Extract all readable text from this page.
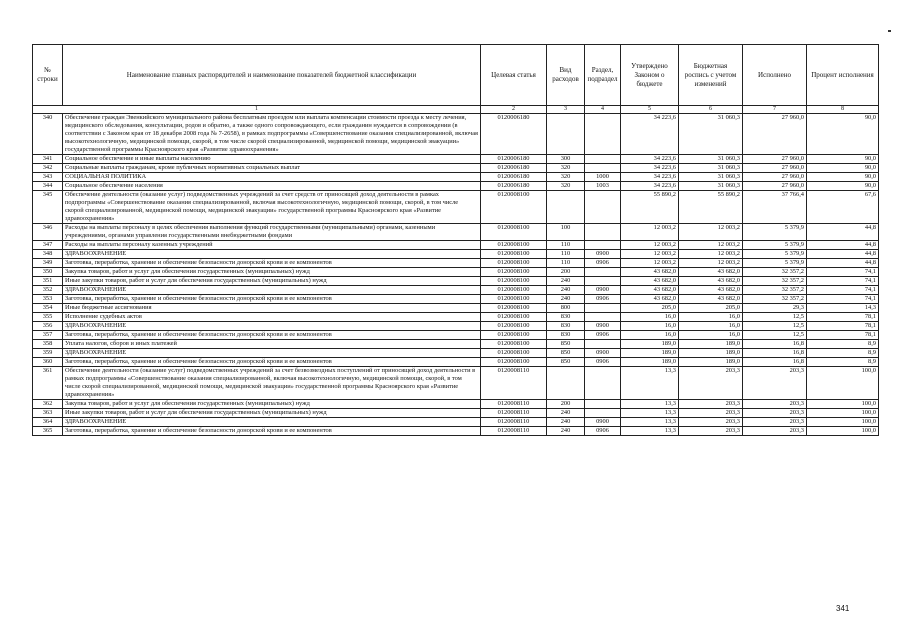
№ строки	Наименование главных распорядителей и наименование показателей бюджетной классификации	Целевая статья	Вид расходов	Раздел, подраздел	Утверждено Законом о бюджете	Бюджетная роспись с учетом изменений	Исполнено	Процент исполнения
1		2	3	4	5	6	7	8
340	Обеспечение граждан Эвенкийского муниципального района бесплатным проездом или выплата компенсации стоимости проезда к месту лечения, медицинского обследования, консультации, родов и обратно, а также одного сопровождающего, если гражданин нуждается в сопровождении (в соответствии с Законом края от 18 декабря 2008 года № 7-2658), в рамках подпрограммы «Совершенствование оказания специализированной, включая высокотехнологичную, медицинской помощи, скорой, в том числе скорой специализированной, медицинской помощи, медицинской эвакуации» государственной программы Красноярского края «Развитие здравоохранения»	0120006180			34 223,6	31 060,3	27 960,0	90,0
341	Социальное обеспечение и иные выплаты населению	0120006180	300		34 223,6	31 060,3	27 960,0	90,0
342	Социальные выплаты гражданам, кроме публичных нормативных социальных выплат	0120006180	320		34 223,6	31 060,3	27 960,0	90,0
343	СОЦИАЛЬНАЯ ПОЛИТИКА	0120006180	320	1000	34 223,6	31 060,3	27 960,0	90,0
344	Социальное обеспечение населения	0120006180	320	1003	34 223,6	31 060,3	27 960,0	90,0
345	Обеспечение деятельности (оказание услуг) подведомственных учреждений за счет средств от приносящей доход деятельности в рамках подпрограммы «Совершенствование оказания специализированной, включая высокотехнологичную, медицинской помощи, скорой, в том числе скорой специализированной, медицинской помощи, медицинской эвакуации» государственной программы Красноярского края «Развитие здравоохранения»	0120008100			55 890,2	55 890,2	37 766,4	67,6
346	Расходы на выплаты персоналу в целях обеспечения выполнения функций государственными (муниципальными) органами, казенными учреждениями, органами управления государственными внебюджетными фондами	0120008100	100		12 003,2	12 003,2	5 379,9	44,8
347	Расходы на выплаты персоналу казенных учреждений	0120008100	110		12 003,2	12 003,2	5 379,9	44,8
348	ЗДРАВООХРАНЕНИЕ	0120008100	110	0900	12 003,2	12 003,2	5 379,9	44,8
349	Заготовка, переработка, хранение и обеспечение безопасности донорской крови и ее компонентов	0120008100	110	0906	12 003,2	12 003,2	5 379,9	44,8
350	Закупка товаров, работ и услуг для обеспечения государственных (муниципальных) нужд	0120008100	200		43 682,0	43 682,0	32 357,2	74,1
351	Иные закупки товаров, работ и услуг для обеспечения государственных (муниципальных) нужд	0120008100	240		43 682,0	43 682,0	32 357,2	74,1
352	ЗДРАВООХРАНЕНИЕ	0120008100	240	0900	43 682,0	43 682,0	32 357,2	74,1
353	Заготовка, переработка, хранение и обеспечение безопасности донорской крови и ее компонентов	0120008100	240	0906	43 682,0	43 682,0	32 357,2	74,1
354	Иные бюджетные ассигнования	0120008100	800		205,0	205,0	29,3	14,3
355	Исполнение судебных актов	0120008100	830		16,0	16,0	12,5	78,1
356	ЗДРАВООХРАНЕНИЕ	0120008100	830	0900	16,0	16,0	12,5	78,1
357	Заготовка, переработка, хранение и обеспечение безопасности донорской крови и ее компонентов	0120008100	830	0906	16,0	16,0	12,5	78,1
358	Уплата налогов, сборов и иных платежей	0120008100	850		189,0	189,0	16,8	8,9
359	ЗДРАВООХРАНЕНИЕ	0120008100	850	0900	189,0	189,0	16,8	8,9
360	Заготовка, переработка, хранение и обеспечение безопасности донорской крови и ее компонентов	0120008100	850	0906	189,0	189,0	16,8	8,9
361	Обеспечение деятельности (оказание услуг) подведомственных учреждений за счет безвозмездных поступлений от приносящей доход деятельности в рамках подпрограммы «Совершенствование оказания специализированной, включая высокотехнологичную, медицинской помощи, скорой, в том числе скорой специализированной, медицинской помощи, медицинской эвакуации» государственной программы Красноярского края «Развитие здравоохранения»	0120008110			13,3	203,3	203,3	100,0
362	Закупка товаров, работ и услуг для обеспечения государственных (муниципальных) нужд	0120008110	200		13,3	203,3	203,3	100,0
363	Иные закупки товаров, работ и услуг для обеспечения государственных (муниципальных) нужд	0120008110	240		13,3	203,3	203,3	100,0
364	ЗДРАВООХРАНЕНИЕ	0120008110	240	0900	13,3	203,3	203,3	100,0
365	Заготовка, переработка, хранение и обеспечение безопасности донорской крови и ее компонентов	0120008110	240	0906	13,3	203,3	203,3	100,0
341
